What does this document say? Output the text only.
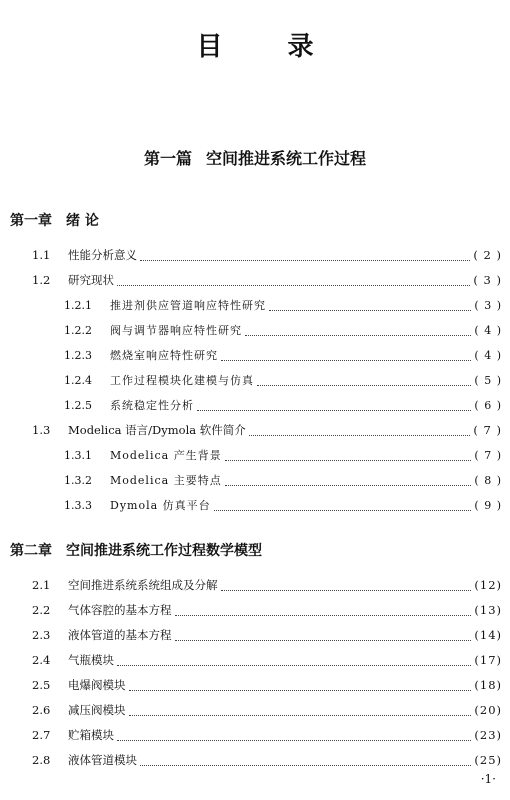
目 录
第一篇 空间推进系统工作过程
第一章 绪 论
1.1	性能分析意义	( 2 )
1.2	研究现状	( 3 )
1.2.1	推进剂供应管道响应特性研究	( 3 )
1.2.2	阀与调节器响应特性研究	( 4 )
1.2.3	燃烧室响应特性研究	( 4 )
1.2.4	工作过程模块化建模与仿真	( 5 )
1.2.5	系统稳定性分析	( 6 )
1.3	Modelica 语言/Dymola 软件简介	( 7 )
1.3.1	Modelica 产生背景	( 7 )
1.3.2	Modelica 主要特点	( 8 )
1.3.3	Dymola 仿真平台	( 9 )
第二章 空间推进系统工作过程数学模型
2.1	空间推进系统系统组成及分解	(12)
2.2	气体容腔的基本方程	(13)
2.3	液体管道的基本方程	(14)
2.4	气瓶模块	(17)
2.5	电爆阀模块	(18)
2.6	减压阀模块	(20)
2.7	贮箱模块	(23)
2.8	液体管道模块	(25)
·1·
